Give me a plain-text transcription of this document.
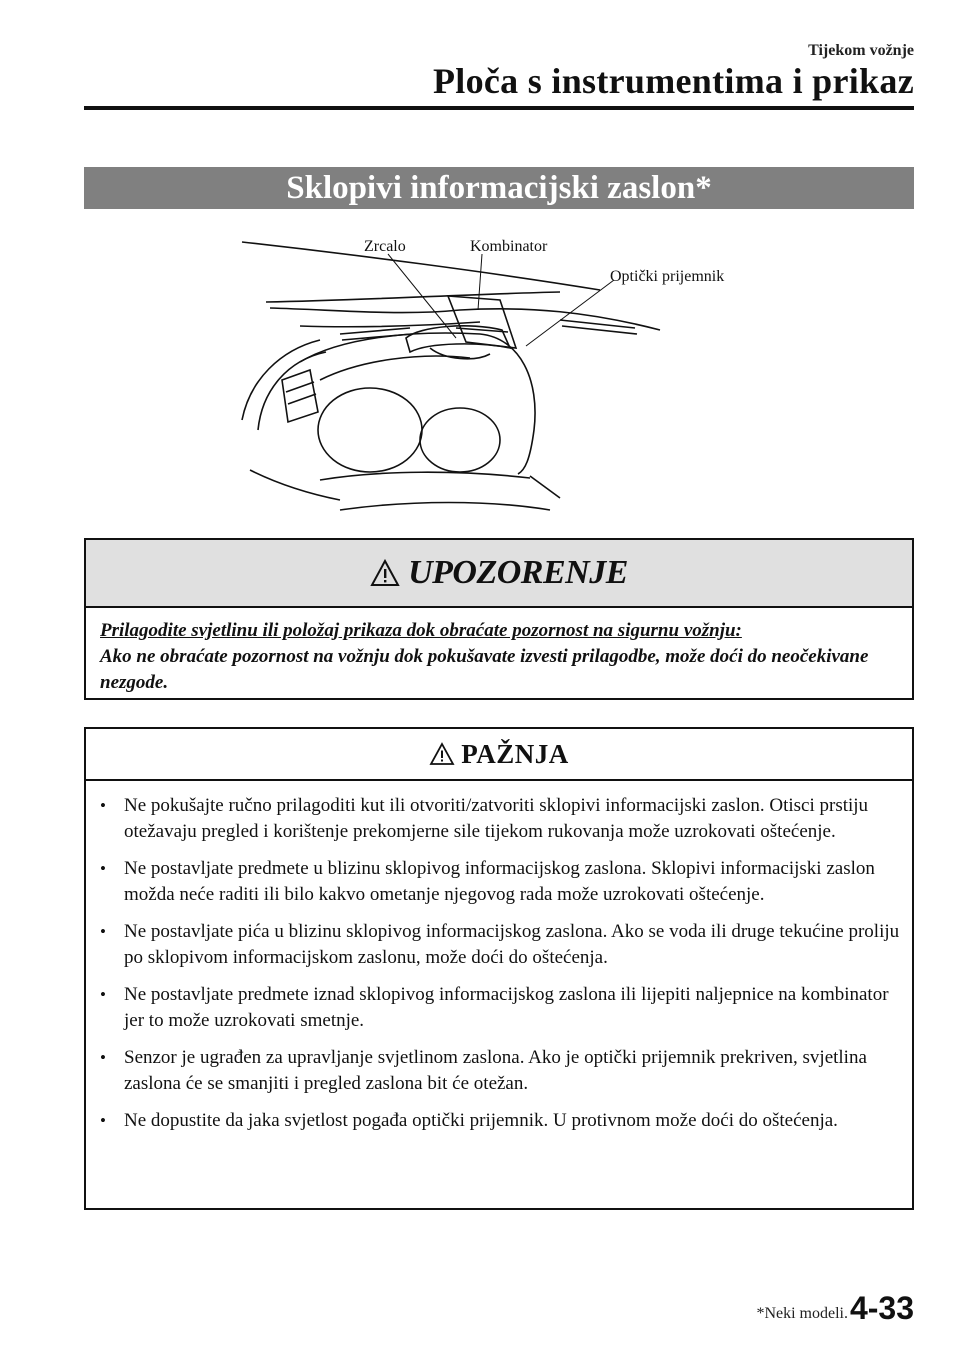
Tijekom vožnje
Ploča s instrumentima i prikaz
Sklopivi informacijski zaslon*
Zrcalo	Kombinator
Optički prijemnik
UPOZORENJE
Prilagodite svjetlinu ili položaj prikaza dok obraćate pozornost na sigurnu vožnju:
Ako ne obraćate pozornost na vožnju dok pokušavate izvesti prilagodbe, može doći do neočekivane nezgode.
PAŽNJA
• Ne pokušajte ručno prilagoditi kut ili otvoriti/zatvoriti sklopivi informacijski zaslon. Otisci prstiju otežavaju pregled i korištenje prekomjerne sile tijekom rukovanja može uzrokovati oštećenje.
• Ne postavljate predmete u blizinu sklopivog informacijskog zaslona. Sklopivi informacijski zaslon možda neće raditi ili bilo kakvo ometanje njegovog rada može uzrokovati oštećenje.
• Ne postavljate pića u blizinu sklopivog informacijskog zaslona. Ako se voda ili druge tekućine proliju po sklopivom informacijskom zaslonu, može doći do oštećenja.
• Ne postavljate predmete iznad sklopivog informacijskog zaslona ili lijepiti naljepnice na kombinator jer to može uzrokovati smetnje.
• Senzor je ugrađen za upravljanje svjetlinom zaslona. Ako je optički prijemnik prekriven, svjetlina zaslona će se smanjiti i pregled zaslona bit će otežan.
• Ne dopustite da jaka svjetlost pogađa optički prijemnik. U protivnom može doći do oštećenja.
*Neki modeli. 4-33
